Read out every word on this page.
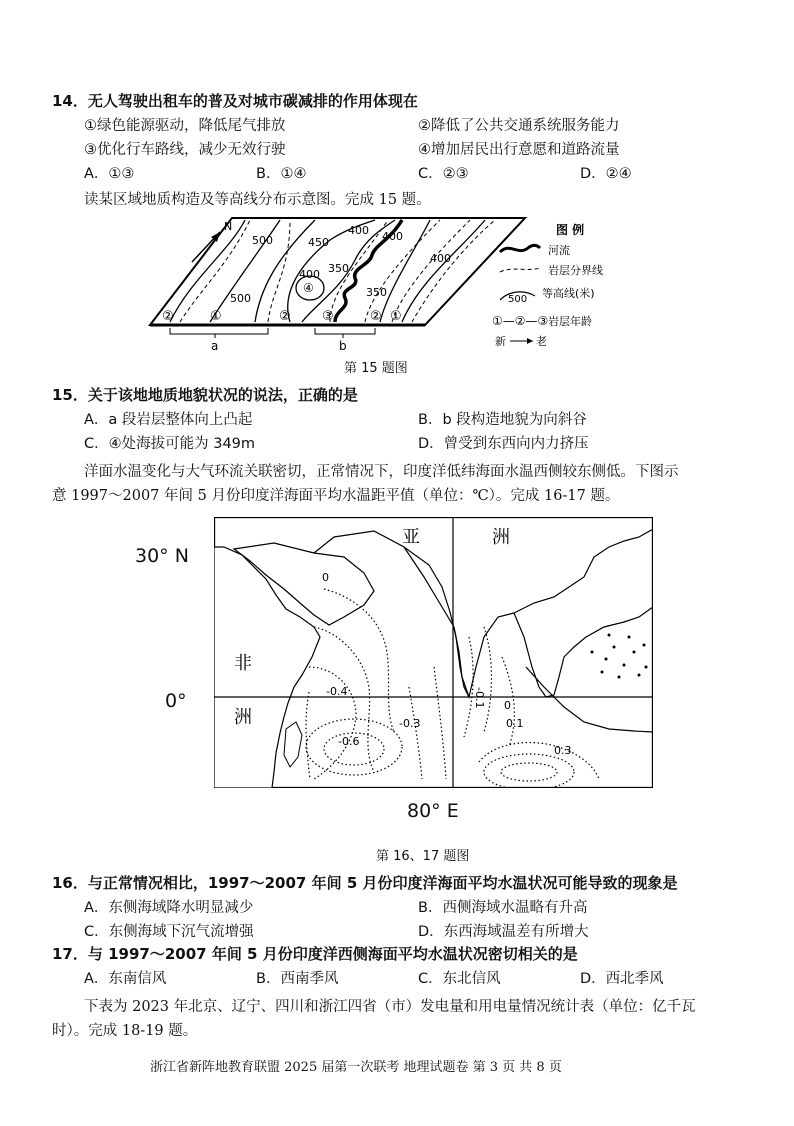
14．无人驾驶出租车的普及对城市碳减排的作用体现在
①绿色能源驱动，降低尾气排放	②降低了公共交通系统服务能力
③优化行车路线，减少无效行驶	④增加居民出行意愿和道路流量
A．①③	B．①④	C．②③	D．②④
读某区域地质构造及等高线分布示意图。完成 15 题。
N
500	450
400
350
400
350
400
400
500
②	①	② ③	② ①
④
a	b
图 例
河流
岩层分界线
500 等高线(米)
①—②—③ 岩层年龄
新	老
第 15 题图
15．关于该地地质地貌状况的说法，正确的是
A．a 段岩层整体向上凸起	B．b 段构造地貌为向斜谷
C．④处海拔可能为 349m	D．曾受到东西向内力挤压
洋面水温变化与大气环流关联密切，正常情况下，印度洋低纬海面水温西侧较东侧低。下图示
意 1997～2007 年间 5 月份印度洋海面平均水温距平值（单位：℃）。完成 16-17 题。
30° N
0°
80° E
0
-0.4
-0.6
-0.3
-0.1 0
0.1
0.3
亚	洲
非
洲
第 16、17 题图
16．与正常情况相比，1997～2007 年间 5 月份印度洋海面平均水温状况可能导致的现象是
A．东侧海域降水明显减少	B．西侧海域水温略有升高
C．东侧海域下沉气流增强	D．东西海域温差有所增大
17．与 1997～2007 年间 5 月份印度洋西侧海面平均水温状况密切相关的是
A．东南信风	B．西南季风	C．东北信风	D．西北季风
下表为 2023 年北京、辽宁、四川和浙江四省（市）发电量和用电量情况统计表（单位：亿千瓦
时）。完成 18-19 题。
浙江省新阵地教育联盟 2025 届第一次联考 地理试题卷 第 3 页 共 8 页
